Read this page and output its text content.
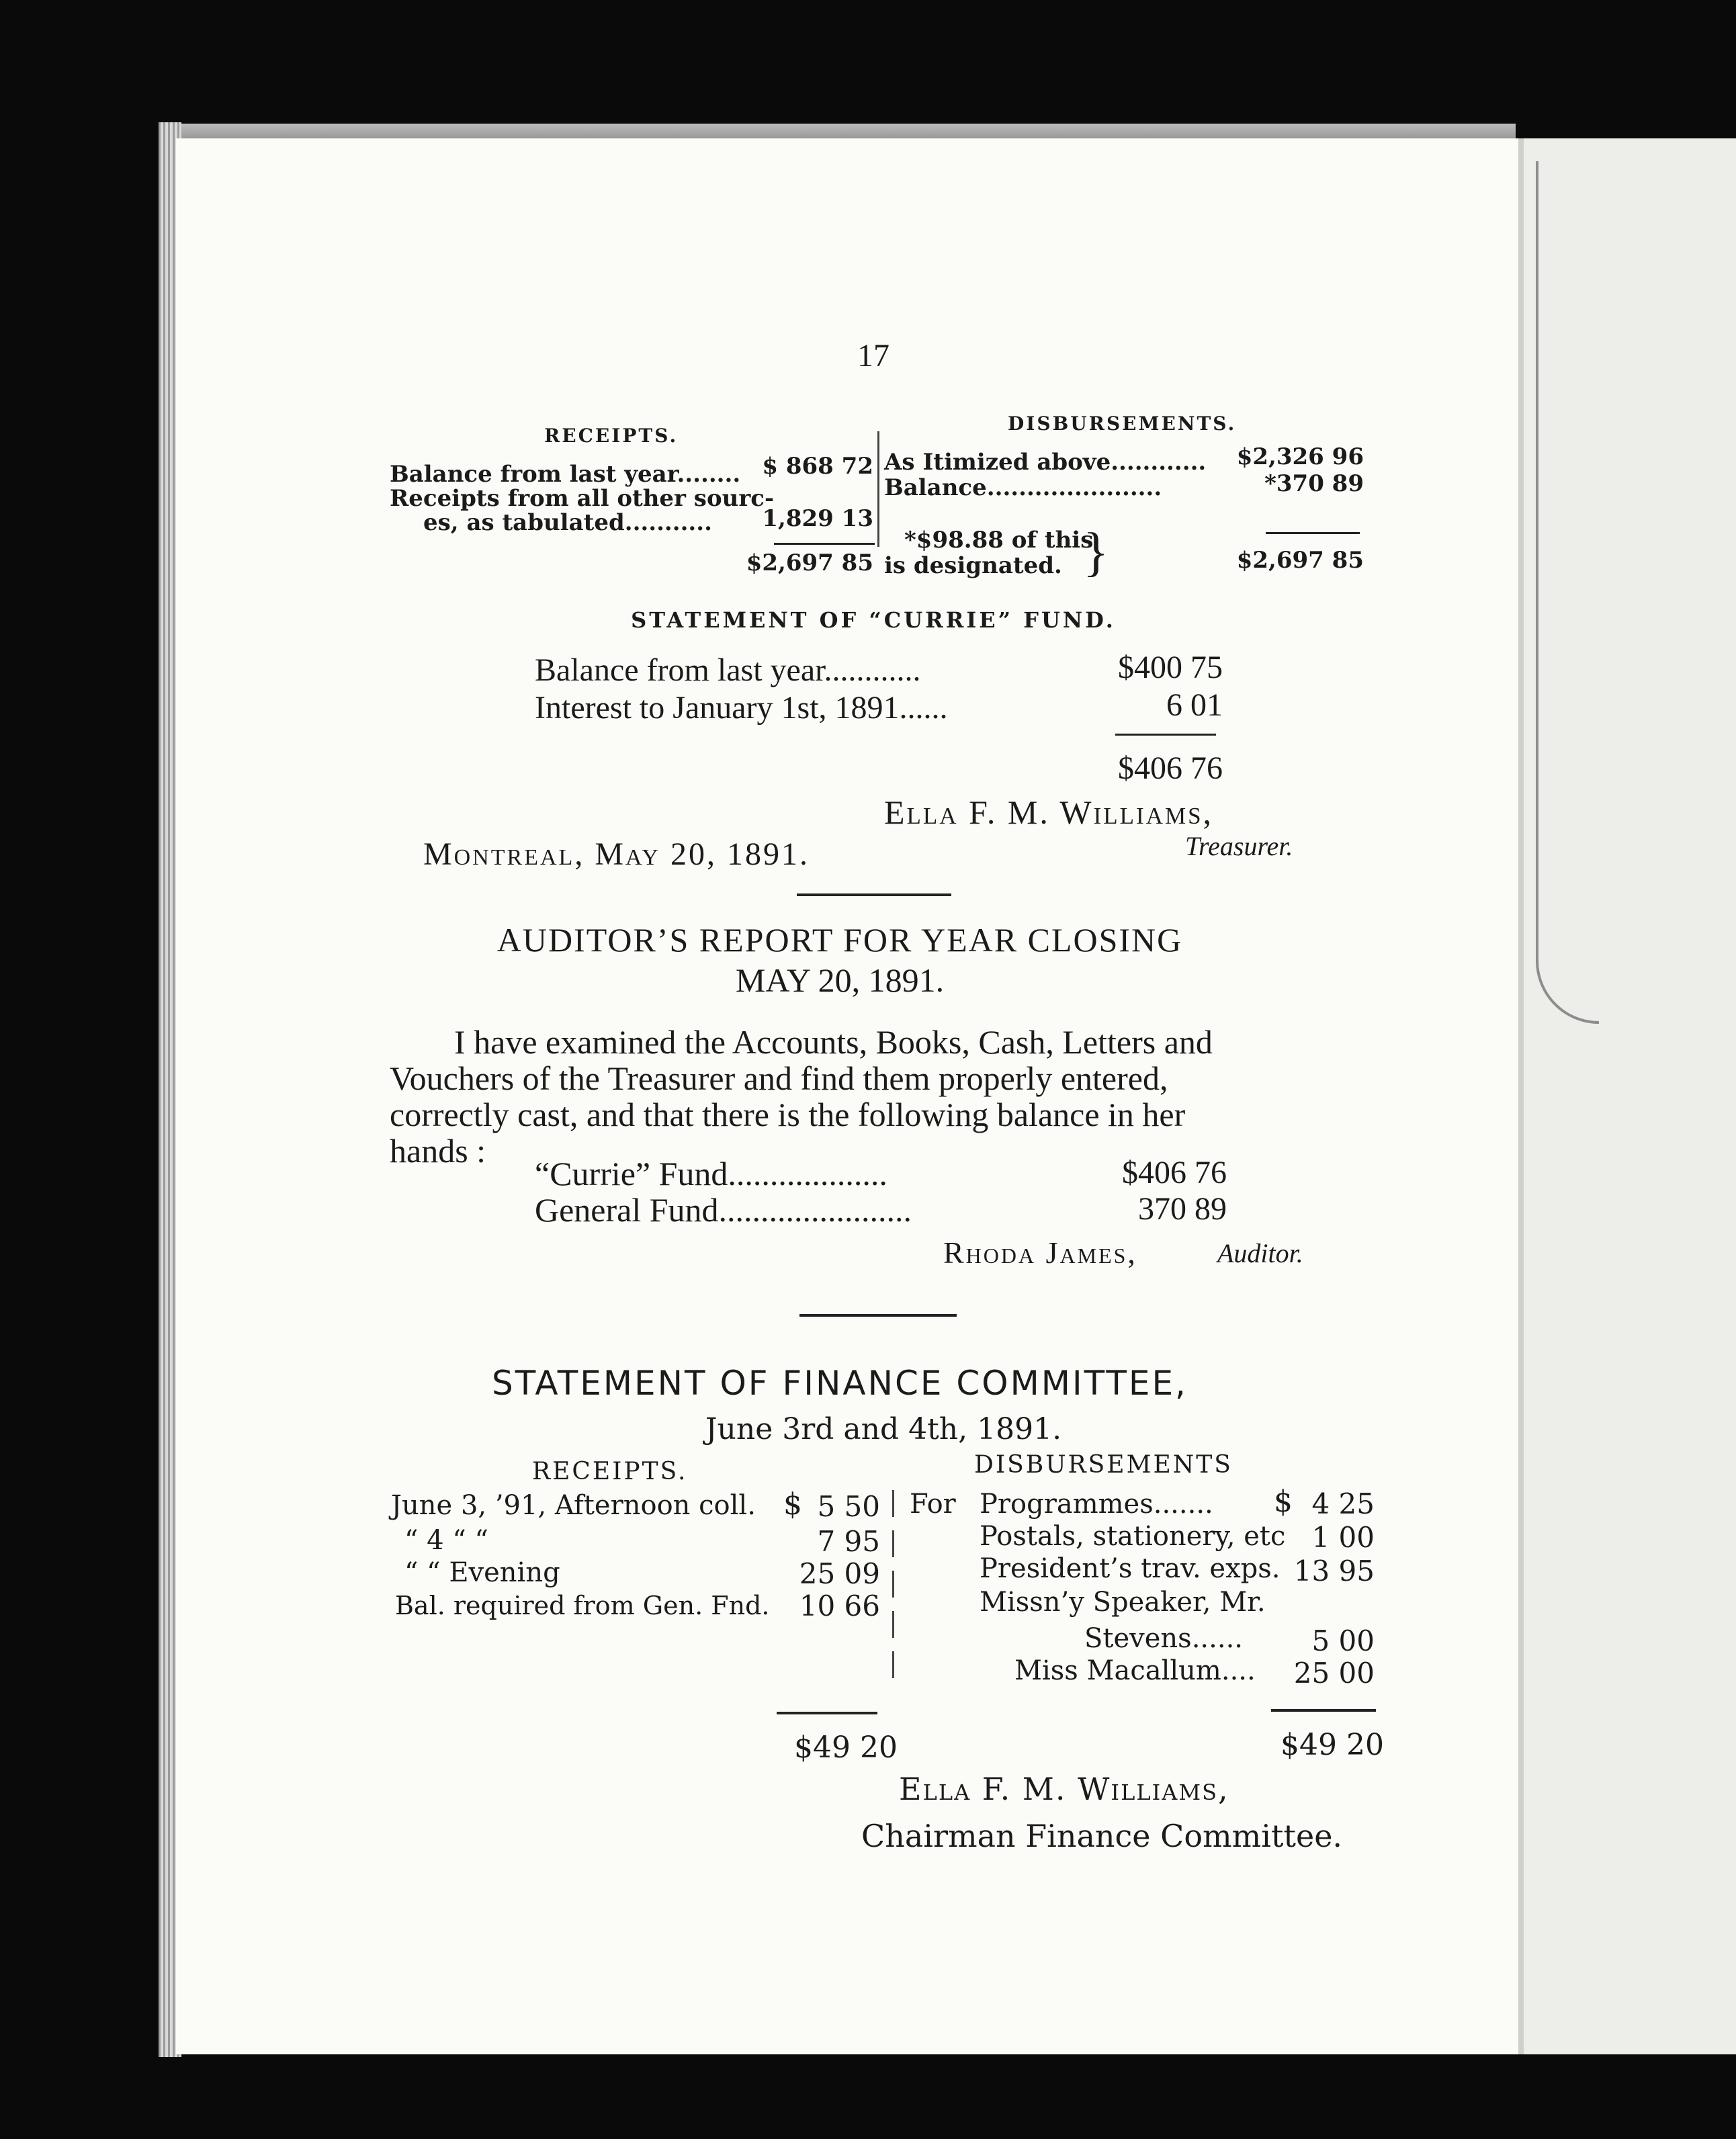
17
RECEIPTS.
DISBURSEMENTS.
Balance from last year........ $ 868 72
Receipts from all other sourc-
es, as tabulated...........	1,829 13
$2,697 85
As Itimized above............	$2,326 96
Balance......................	*370 89
*$98.88 of this
is designated. }	$2,697 85
STATEMENT OF “CURRIE” FUND.
Balance from last year............	$400 75
Interest to January 1st, 1891......	6 01
$406 76
Ella F. M. Williams,
Treasurer.
Montreal, May 20, 1891.
AUDITOR’S REPORT FOR YEAR CLOSING
MAY 20, 1891.
I have examined the Accounts, Books, Cash, Letters and
Vouchers of the Treasurer and find them properly entered,
correctly cast, and that there is the following balance in her
hands :
“Currie” Fund...................	$406 76
General Fund.......................	370 89
Rhoda James,	Auditor.
STATEMENT OF FINANCE COMMITTEE,
June 3rd and 4th, 1891.
RECEIPTS.	DISBURSEMENTS
June 3, ’91, Afternoon coll. $ 5 50
“ 4 “ “	7 95
“ “ Evening	25 09
Bal. required from Gen. Fnd.	10 66
For Programmes....... $ 4 25
Postals, stationery, etc 1 00
President’s trav. exps. 13 95
Missn’y Speaker, Mr.
Stevens......	5 00
Miss Macallum....	25 00
$49 20	$49 20
Ella F. M. Williams,
Chairman Finance Committee.
